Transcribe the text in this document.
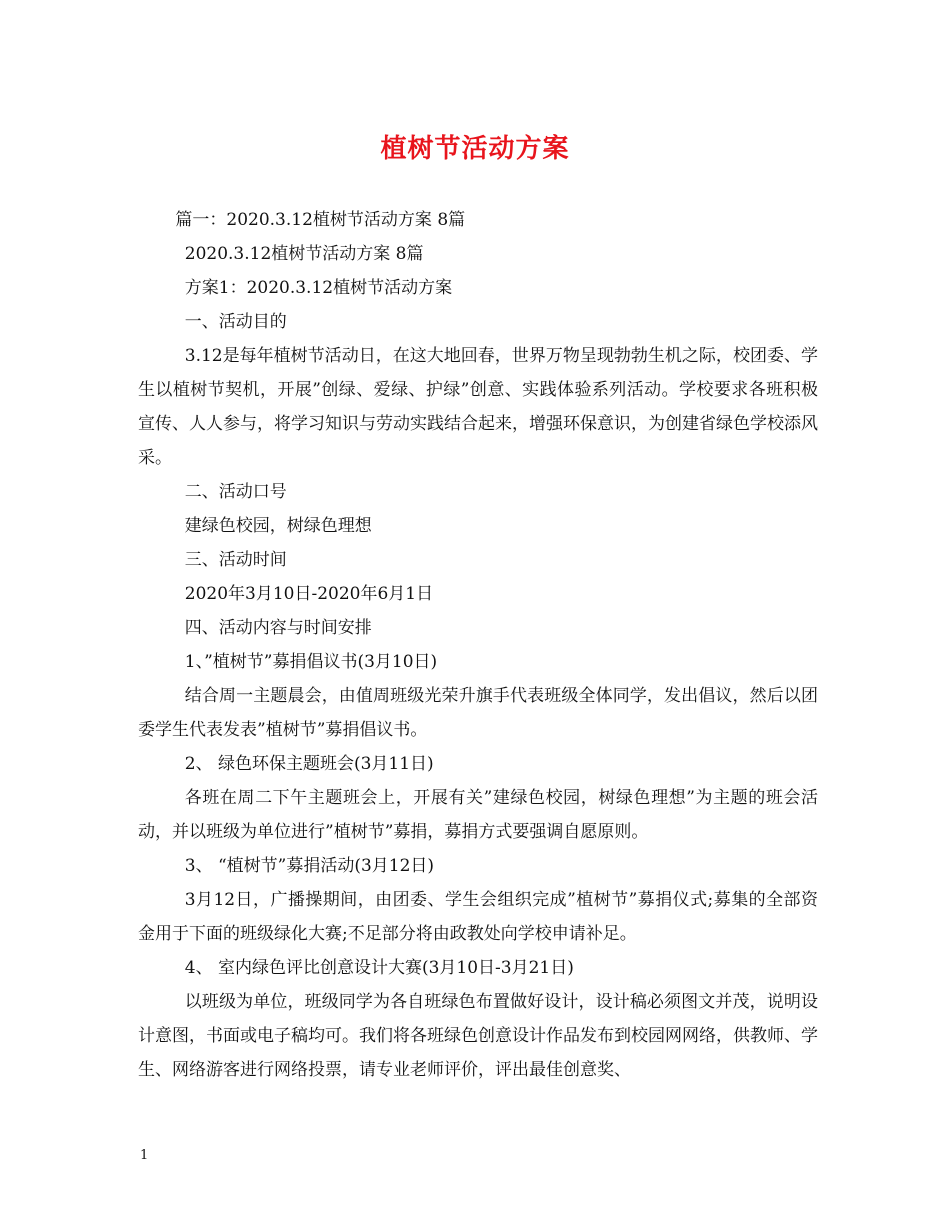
植树节活动方案

篇一：2020.3.12植树节活动方案 8篇

2020.3.12植树节活动方案 8篇

方案1：2020.3.12植树节活动方案

一、活动目的

3.12是每年植树节活动日，在这大地回春，世界万物呈现勃勃生机之际，校团委、学生以植树节契机，开展”创绿、爱绿、护绿”创意、实践体验系列活动。学校要求各班积极宣传、人人参与，将学习知识与劳动实践结合起来，增强环保意识，为创建省绿色学校添风采。

二、活动口号

建绿色校园，树绿色理想

三、活动时间

2020年3月10日-2020年6月1日

四、活动内容与时间安排

1、”植树节”募捐倡议书(3月10日)

结合周一主题晨会，由值周班级光荣升旗手代表班级全体同学，发出倡议，然后以团委学生代表发表”植树节”募捐倡议书。

2、 绿色环保主题班会(3月11日)

各班在周二下午主题班会上，开展有关”建绿色校园，树绿色理想”为主题的班会活动，并以班级为单位进行”植树节”募捐，募捐方式要强调自愿原则。

3、 “植树节”募捐活动(3月12日)

3月12日，广播操期间，由团委、学生会组织完成”植树节”募捐仪式;募集的全部资金用于下面的班级绿化大赛;不足部分将由政教处向学校申请补足。

4、 室内绿色评比创意设计大赛(3月10日-3月21日)

以班级为单位，班级同学为各自班绿色布置做好设计，设计稿必须图文并茂，说明设计意图，书面或电子稿均可。我们将各班绿色创意设计作品发布到校园网网络，供教师、学生、网络游客进行网络投票，请专业老师评价，评出最佳创意奖、

1
